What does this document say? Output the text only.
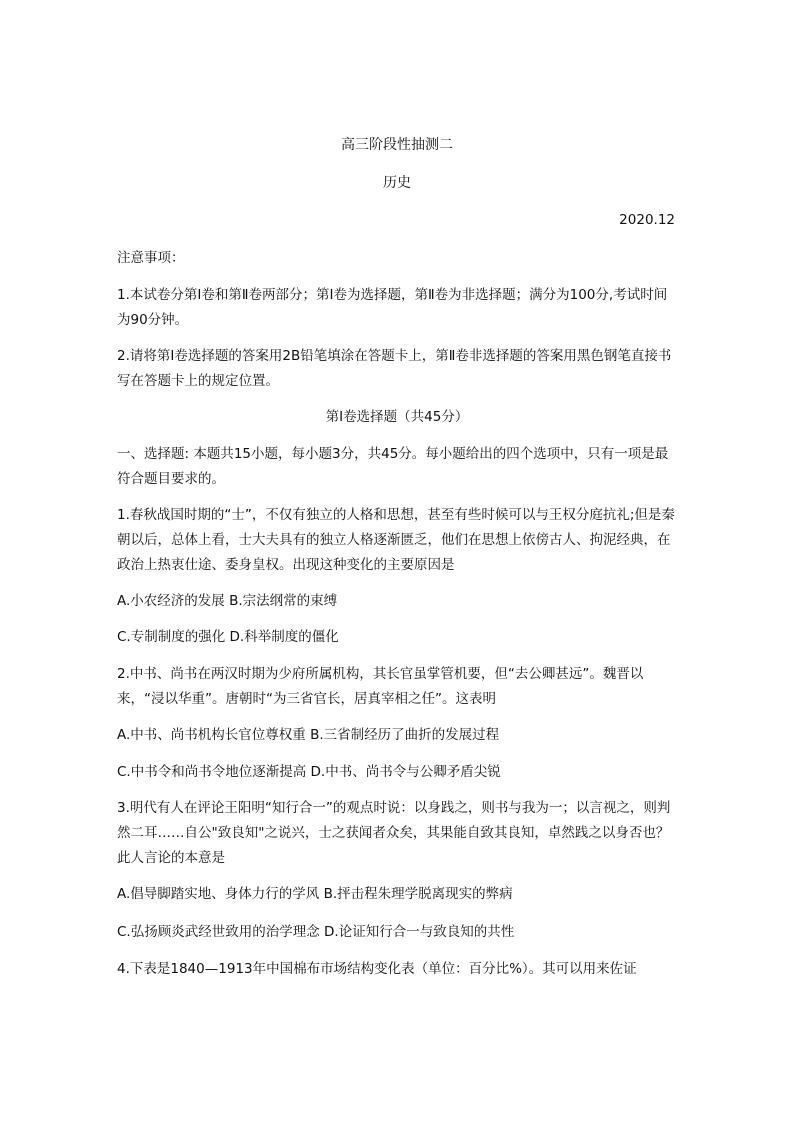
高三阶段性抽测二
历史
2020.12
注意事项：
1.本试卷分第Ⅰ卷和第Ⅱ卷两部分；第Ⅰ卷为选择题，第Ⅱ卷为非选择题；满分为100分,考试时间为90分钟。
2.请将第Ⅰ卷选择题的答案用2B铅笔填涂在答题卡上，第Ⅱ卷非选择题的答案用黑色钢笔直接书写在答题卡上的规定位置。
第Ⅰ卷选择题（共45分）
一、选择题: 本题共15小题，每小题3分，共45分。每小题给出的四个选项中，只有一项是最符合题目要求的。
1.春秋战国时期的“士”，不仅有独立的人格和思想，甚至有些时候可以与王权分庭抗礼;但是秦朝以后，总体上看，士大夫具有的独立人格逐渐匮乏，他们在思想上依傍古人、拘泥经典，在政治上热衷仕途、委身皇权。出现这种变化的主要原因是
A.小农经济的发展 B.宗法纲常的束缚
C.专制制度的强化 D.科举制度的僵化
2.中书、尚书在两汉时期为少府所属机构，其长官虽掌管机要，但“去公卿甚远”。魏晋以来，“浸以华重”。唐朝时“为三省官长，居真宰相之任”。这表明
A.中书、尚书机构长官位尊权重 B.三省制经历了曲折的发展过程
C.中书令和尚书令地位逐渐提高 D.中书、尚书令与公卿矛盾尖锐
3.明代有人在评论王阳明“知行合一”的观点时说：以身践之，则书与我为一；以言视之，则判然二耳……自公"致良知"之说兴，士之获闻者众矣，其果能自致其良知，卓然践之以身否也？此人言论的本意是
A.倡导脚踏实地、身体力行的学风 B.抨击程朱理学脱离现实的弊病
C.弘扬顾炎武经世致用的治学理念 D.论证知行合一与致良知的共性
4.下表是1840—1913年中国棉布市场结构变化表（单位：百分比%）。其可以用来佐证
